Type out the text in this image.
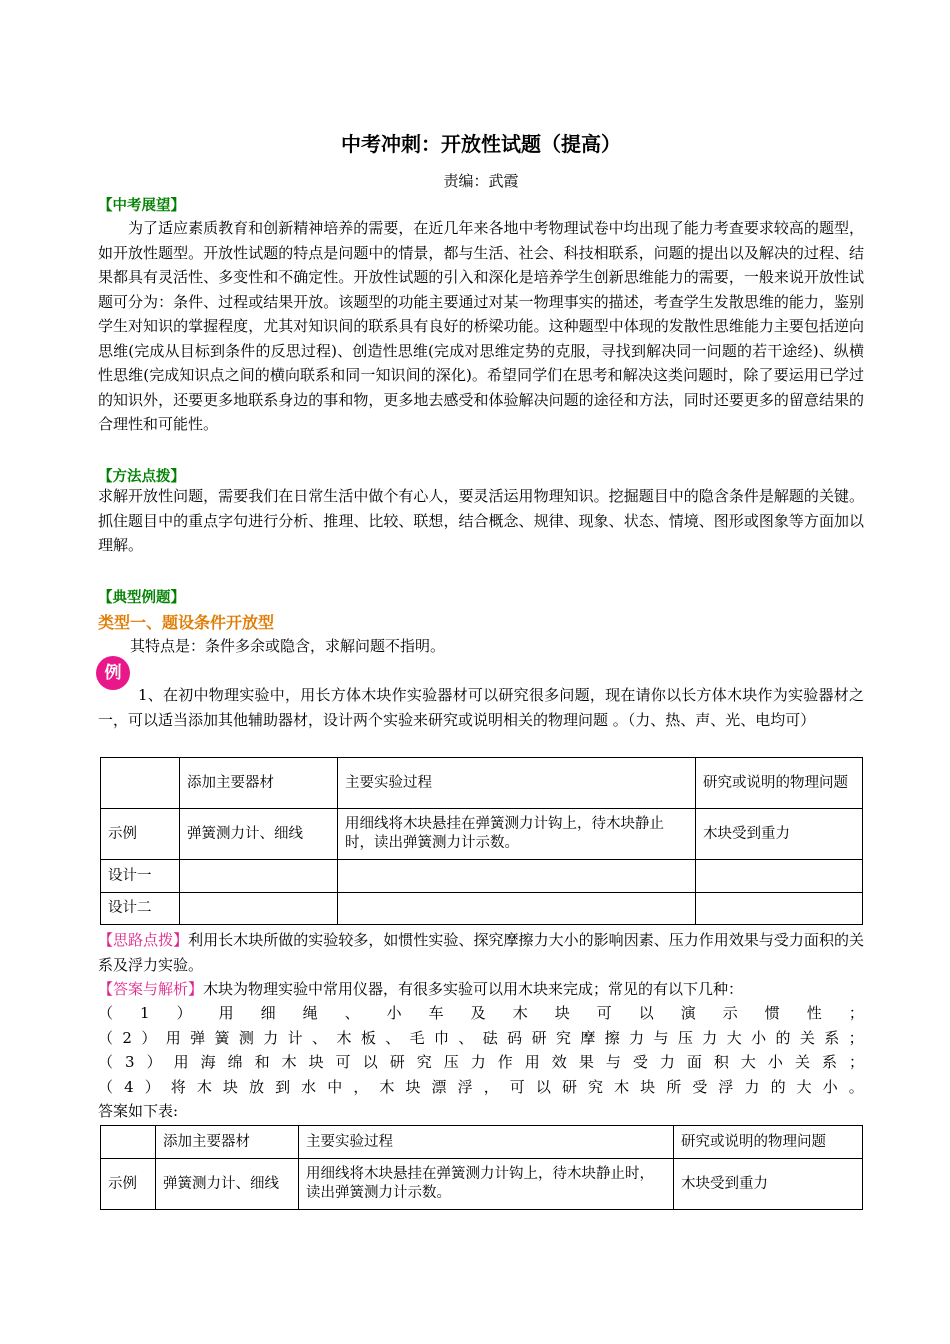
中考冲刺：开放性试题（提高）
责编：武霞
【中考展望】

为了适应素质教育和创新精神培养的需要，在近几年来各地中考物理试卷中均出现了能力考查要求较高的题型，如开放性题型。开放性试题的特点是问题中的情景，都与生活、社会、科技相联系，问题的提出以及解决的过程、结果都具有灵活性、多变性和不确定性。开放性试题的引入和深化是培养学生创新思维能力的需要，一般来说开放性试题可分为：条件、过程或结果开放。该题型的功能主要通过对某一物理事实的描述，考查学生发散思维的能力，鉴别学生对知识的掌握程度，尤其对知识间的联系具有良好的桥梁功能。这种题型中体现的发散性思维能力主要包括逆向思维(完成从目标到条件的反思过程)、创造性思维(完成对思维定势的克服，寻找到解决同一问题的若干途经)、纵横性思维(完成知识点之间的横向联系和同一知识间的深化)。希望同学们在思考和解决这类问题时，除了要运用已学过的知识外，还要更多地联系身边的事和物，更多地去感受和体验解决问题的途径和方法，同时还要更多的留意结果的合理性和可能性。

【方法点拨】

求解开放性问题，需要我们在日常生活中做个有心人，要灵活运用物理知识。挖掘题目中的隐含条件是解题的关键。抓住题目中的重点字句进行分析、推理、比较、联想，结合概念、规律、现象、状态、情境、图形或图象等方面加以理解。

【典型例题】
类型一、题设条件开放型

其特点是：条件多余或隐含，求解问题不指明。

例

1、在初中物理实验中，用长方体木块作实验器材可以研究很多问题，现在请你以长方体木块作为实验器材之一，可以适当添加其他辅助器材，设计两个实验来研究或说明相关的物理问题 。（力、热、声、光、电均可）

	添加主要器材	主要实验过程	研究或说明的物理问题
示例	弹簧测力计、细线	用细线将木块悬挂在弹簧测力计钩上，待木块静止时，读出弹簧测力计示数。	木块受到重力
设计一			
设计二			

【思路点拨】利用长木块所做的实验较多，如惯性实验、探究摩擦力大小的影响因素、压力作用效果与受力面积的关系及浮力实验。

【答案与解析】木块为物理实验中常用仪器，有很多实验可以用木块来完成；常见的有以下几种：

（ 1 ） 用 细 绳 、 小 车 及 木 块 可 以 演 示 惯 性 ；
（ 2 ） 用 弹 簧 测 力 计 、 木 板 、 毛 巾 、 砝 码 研 究 摩 擦 力 与 压 力 大 小 的 关 系 ；
（ 3 ） 用 海 绵 和 木 块 可 以 研 究 压 力 作 用 效 果 与 受 力 面 积 大 小 关 系 ；
（ 4 ） 将 木 块 放 到 水 中 ， 木 块 漂 浮 ， 可 以 研 究 木 块 所 受 浮 力 的 大 小 。
答案如下表:
	添加主要器材	主要实验过程	研究或说明的物理问题
示例	弹簧测力计、细线	用细线将木块悬挂在弹簧测力计钩上，待木块静止时，读出弹簧测力计示数。	木块受到重力
